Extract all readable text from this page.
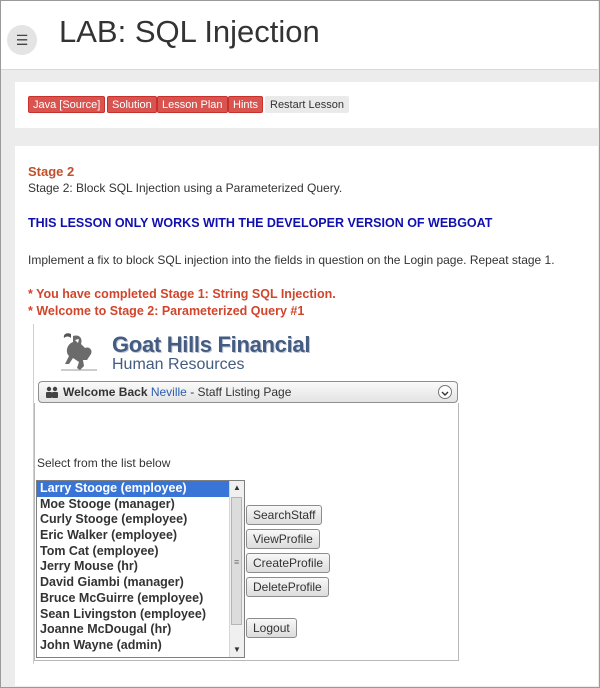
☰ LAB: SQL Injection
Java [Source]	Solution Lesson Plan Hints	Restart Lesson
Stage 2
Stage 2: Block SQL Injection using a Parameterized Query.
THIS LESSON ONLY WORKS WITH THE DEVELOPER VERSION OF WEBGOAT
Implement a fix to block SQL injection into the fields in question on the Login page. Repeat stage 1.
* You have completed Stage 1: String SQL Injection.
* Welcome to Stage 2: Parameterized Query #1
Goat Hills Financial
Human Resources
Welcome Back Neville - Staff Listing Page
Select from the list below
Larry Stooge (employee)
Moe Stooge (manager)
Curly Stooge (employee)
Eric Walker (employee)
Tom Cat (employee)
Jerry Mouse (hr)
David Giambi (manager)
Bruce McGuirre (employee)
Sean Livingston (employee)
Joanne McDougal (hr)
John Wayne (admin)
▲
≡
▼
SearchStaff
ViewProfile
CreateProfile
DeleteProfile
Logout
